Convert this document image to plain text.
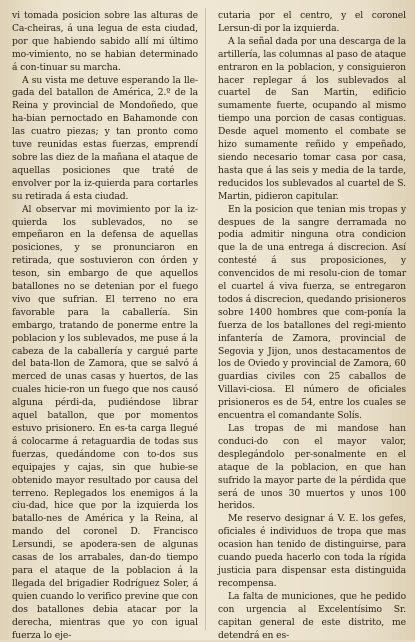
vi tomada posicion sobre las alturas de Ca-cheiras, á una legua de esta ciudad, por que habiendo sabido allí mi último mo-vimiento, no se habian determinado á con-tinuar su marcha.

A su vista me detuve esperando la lle-gada del batallon de América, 2.º de la Reina y provincial de Mondoñedo, que ha-bian pernoctado en Bahamonde con las cuatro piezas; y tan pronto como tuve reunidas estas fuerzas, emprendí sobre las diez de la mañana el ataque de aquellas posiciones que traté de envolver por la iz-quierda para cortarles su retirada á esta ciudad.

Al observar mi movimiento por la iz-quierda los sublevados, no se empeñaron en la defensa de aquellas posiciones, y se pronunciaron en retirada, que sostuvieron con órden y teson, sin embargo de que aquellos batallones no se detenian por el fuego vivo que sufrian. El terreno no era favorable para la caballería. Sin embargo, tratando de ponerme entre la poblacion y los sublevados, me puse á la cabeza de la caballería y cargué parte del bata-llon de Zamora, que se salvó á merced de unas casas y huertos, de las cuales hicie-ron un fuego que nos causó alguna pérdi-da, pudiéndose librar aquel batallon, que por momentos estuvo prisionero. En es-ta carga llegué á colocarme á retaguardia de todas sus fuerzas, quedándome con to-dos sus equipajes y cajas, sin que hubie-se obtenido mayor resultado por causa del terreno. Replegados los enemigos á la ciu-dad, hice que por la izquierda los batallo-nes de América y la Reina, al mando del coronel D. Francisco Lersundi, se apodera-sen de algunas casas de los arrabales, dan-do tiempo para el ataque de la poblacion á la llegada del brigadier Rodríguez Soler, á quien cuando lo verifico previne que con dos batallones debia atacar por la derecha, mientras que yo con igual fuerza lo eje-

cutaria por el centro, y el coronel Lersun-di por la izquierda.

A la señal dada por una descarga de la artillería, las columnas al paso de ataque entraron en la poblacion, y consiguieron hacer replegar á los sublevados al cuartel de San Martin, edificio sumamente fuerte, ocupando al mismo tiempo una porcion de casas contiguas. Desde aquel momento el combate se hizo sumamente reñido y empeñado, siendo necesario tomar casa por casa, hasta que á las seis y media de la tarde, reducidos los sublevados al cuartel de S. Martin, pidieron capitular.

En la posicion que tenian mis tropas y despues de la sangre derramada no podia admitir ninguna otra condicion que la de una entrega á discrecion. Así contesté á sus proposiciones, y convencidos de mi resolu-cion de tomar el cuartel á viva fuerza, se entregaron todos á discrecion, quedando prisioneros sobre 1400 hombres que com-ponía la fuerza de los batallones del regi-miento infantería de Zamora, provincial de Segovia y Jijon, unos destacamentos de los de Oviedo y provincial de Zamora, 60 guardias civiles con 25 caballos de Villavi-ciosa. El número de oficiales prisioneros es de 54, entre los cuales se encuentra el comandante Solís.

Las tropas de mi mandose han conduci-do con el mayor valor, desplegándolo per-sonalmente en el ataque de la poblacion, en que han sufrido la mayor parte de la pérdida que será de unos 30 muertos y unos 100 heridos.

Me reservo designar á V. E. los gefes, oficiales é individuos de tropa que mas ocasion han tenido de distinguirse, para cuando pueda hacerlo con toda la rígida justicia para dispensar esta distinguida recompensa.

La falta de municiones, que he pedido con urgencia al Excelentísimo Sr. capitan general de este distrito, me detendrá en es-
